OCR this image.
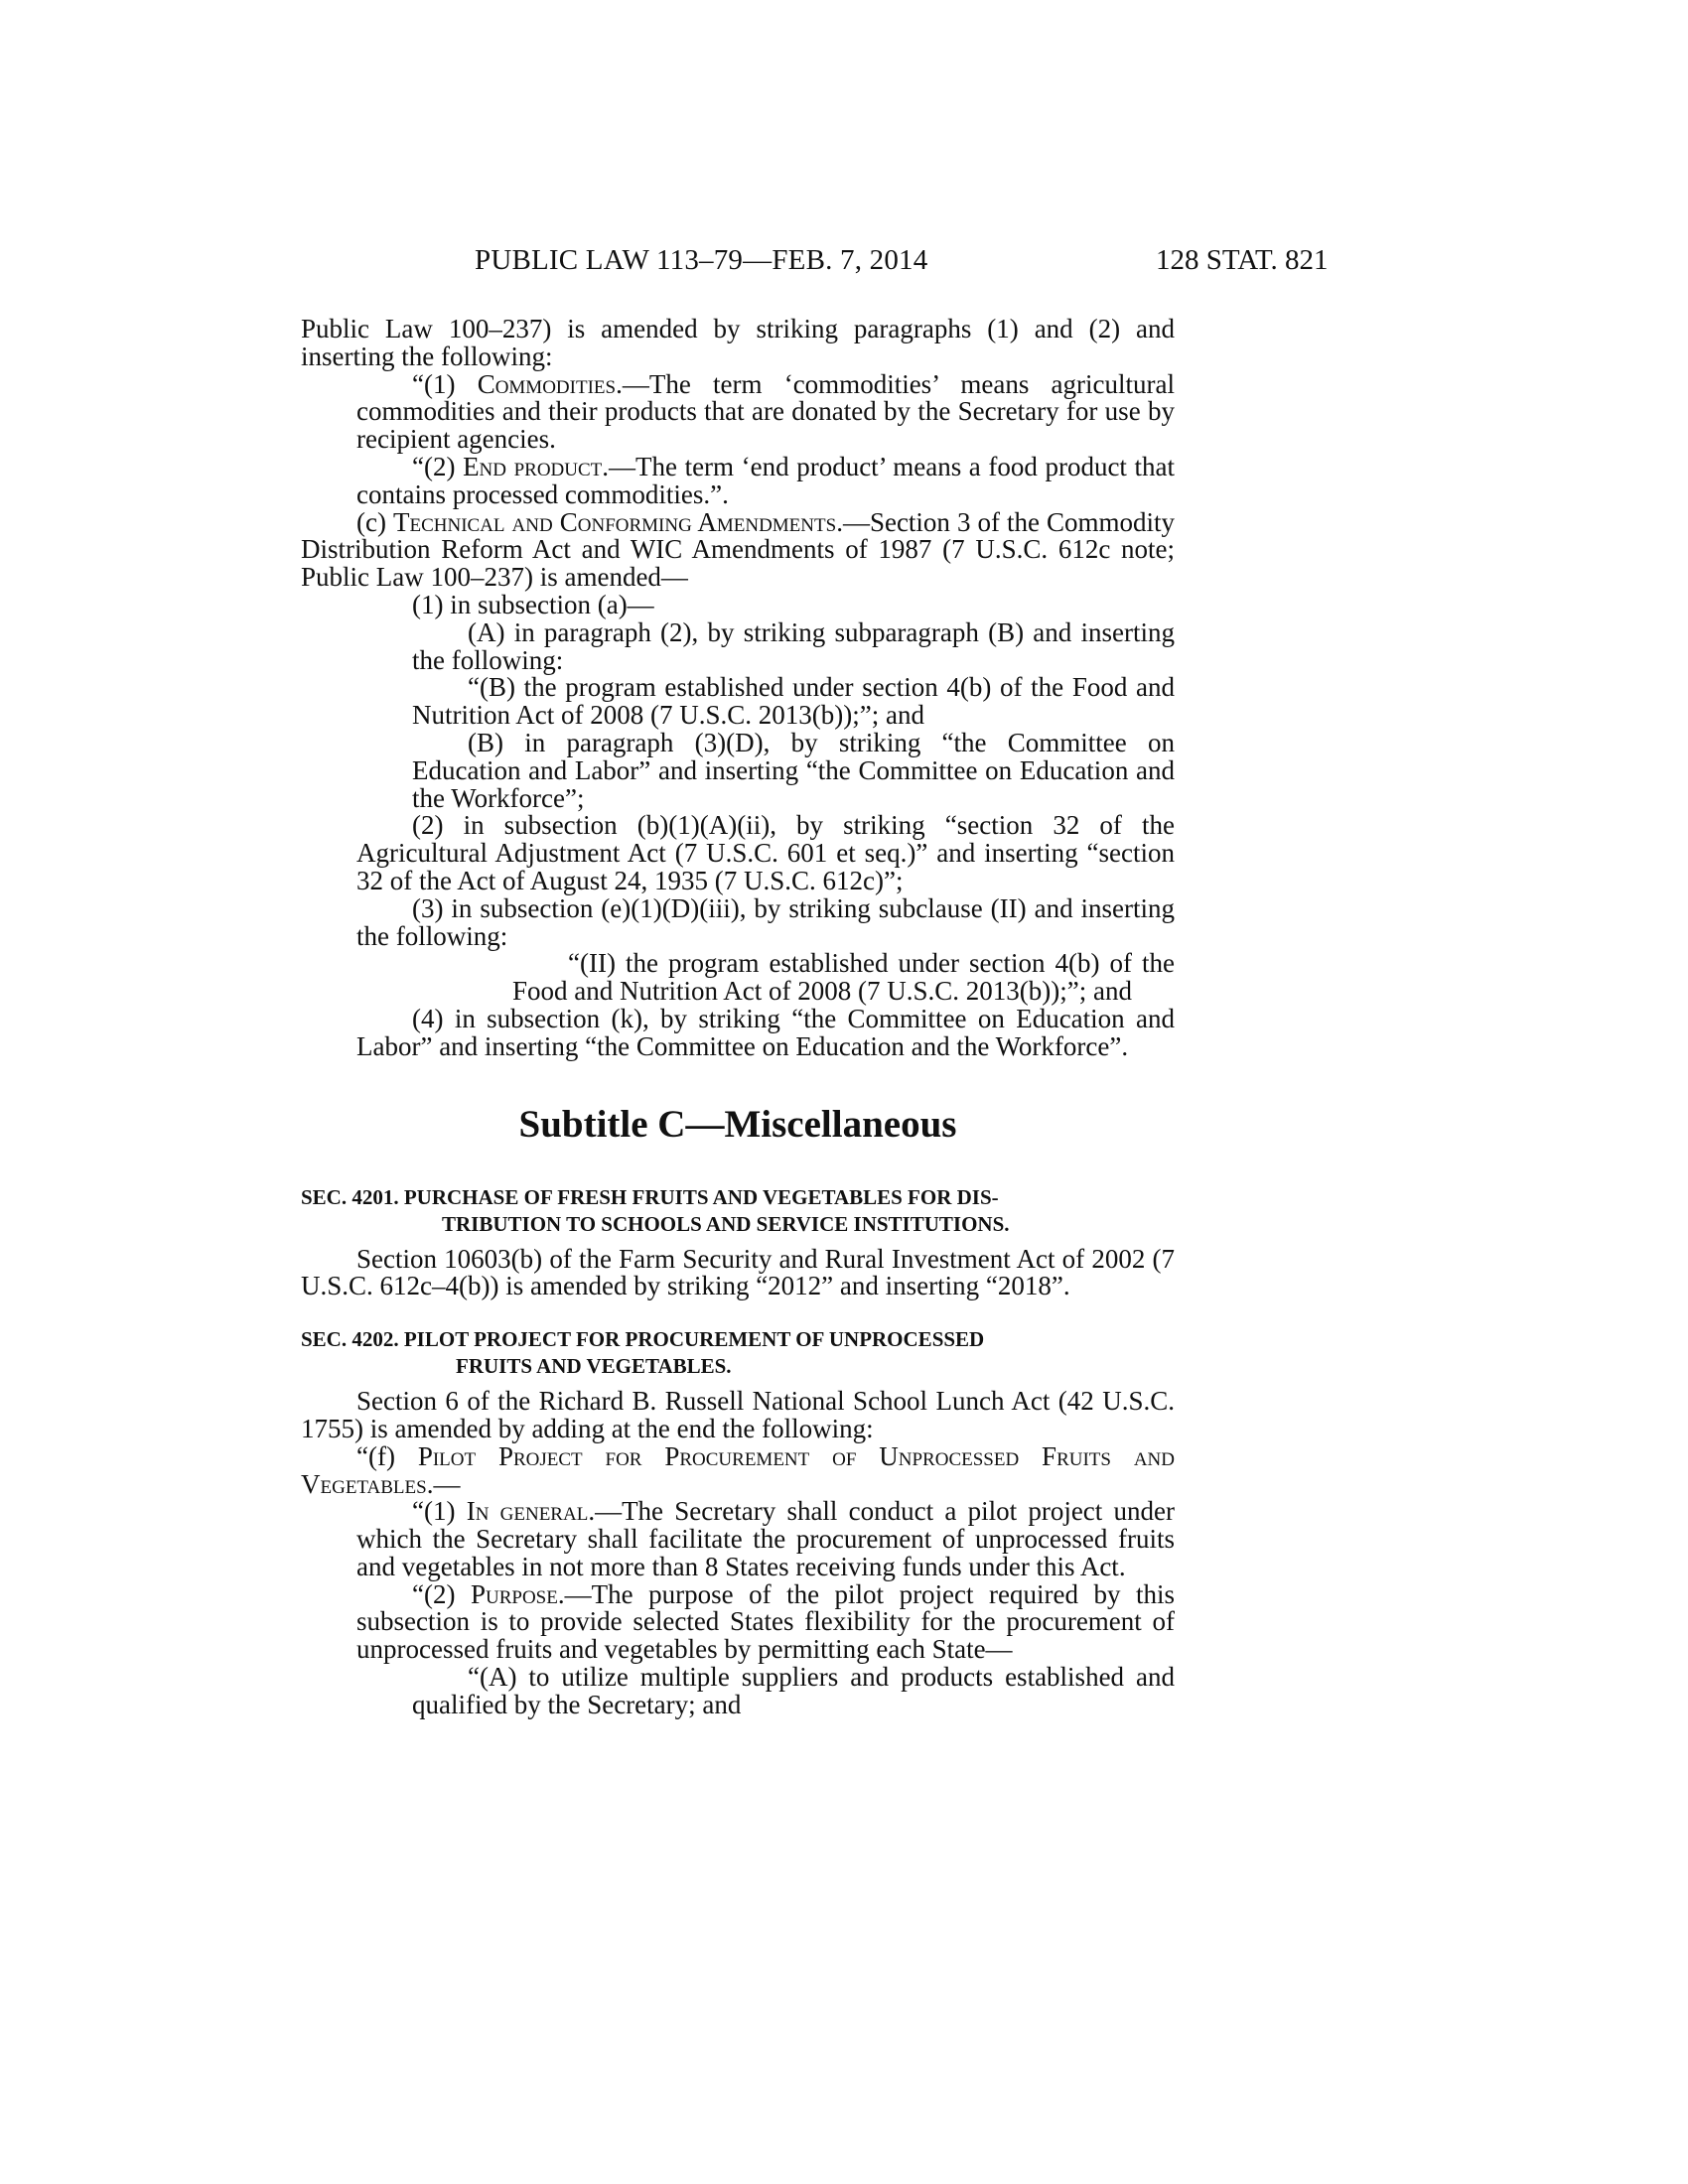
PUBLIC LAW 113–79—FEB. 7, 2014	128 STAT. 821

Public Law 100–237) is amended by striking paragraphs (1) and (2) and inserting the following:

“(1) Commodities.—The term ‘commodities’ means agricultural commodities and their products that are donated by the Secretary for use by recipient agencies.

“(2) End product.—The term ‘end product’ means a food product that contains processed commodities.”.

(c) Technical and Conforming Amendments.—Section 3 of the Commodity Distribution Reform Act and WIC Amendments of 1987 (7 U.S.C. 612c note; Public Law 100–237) is amended—

(1) in subsection (a)—

(A) in paragraph (2), by striking subparagraph (B) and inserting the following:

“(B) the program established under section 4(b) of the Food and Nutrition Act of 2008 (7 U.S.C. 2013(b));”; and

(B) in paragraph (3)(D), by striking “the Committee on Education and Labor” and inserting “the Committee on Education and the Workforce”;

(2) in subsection (b)(1)(A)(ii), by striking “section 32 of the Agricultural Adjustment Act (7 U.S.C. 601 et seq.)” and inserting “section 32 of the Act of August 24, 1935 (7 U.S.C. 612c)”;

(3) in subsection (e)(1)(D)(iii), by striking subclause (II) and inserting the following:

“(II) the program established under section 4(b) of the Food and Nutrition Act of 2008 (7 U.S.C. 2013(b));”; and

(4) in subsection (k), by striking “the Committee on Education and Labor” and inserting “the Committee on Education and the Workforce”.

Subtitle C—Miscellaneous
SEC. 4201. PURCHASE OF FRESH FRUITS AND VEGETABLES FOR DIS-
TRIBUTION TO SCHOOLS AND SERVICE INSTITUTIONS.

Section 10603(b) of the Farm Security and Rural Investment Act of 2002 (7 U.S.C. 612c–4(b)) is amended by striking “2012” and inserting “2018”.

SEC. 4202. PILOT PROJECT FOR PROCUREMENT OF UNPROCESSED
FRUITS AND VEGETABLES.

Section 6 of the Richard B. Russell National School Lunch Act (42 U.S.C. 1755) is amended by adding at the end the following:

“(f) Pilot Project for Procurement of Unprocessed Fruits and Vegetables.—

“(1) In general.—The Secretary shall conduct a pilot project under which the Secretary shall facilitate the procurement of unprocessed fruits and vegetables in not more than 8 States receiving funds under this Act.

“(2) Purpose.—The purpose of the pilot project required by this subsection is to provide selected States flexibility for the procurement of unprocessed fruits and vegetables by permitting each State—

“(A) to utilize multiple suppliers and products established and qualified by the Secretary; and
